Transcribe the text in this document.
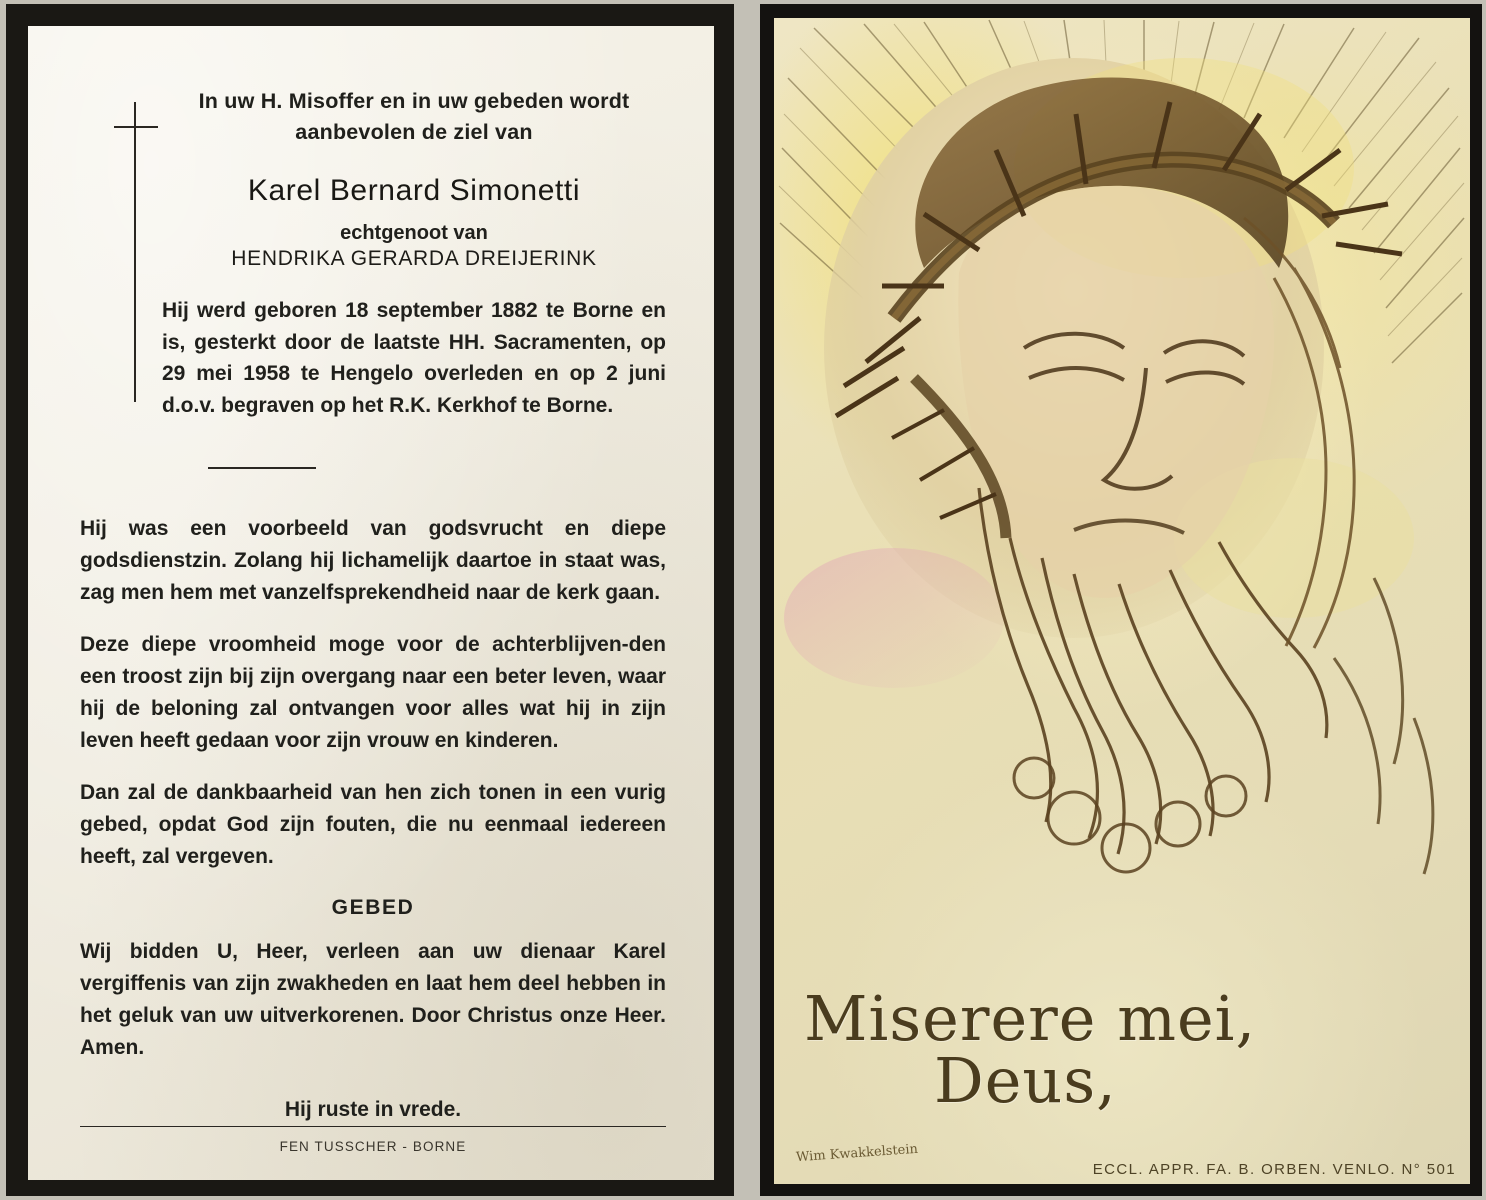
In uw H. Misoffer en in uw gebeden wordt aanbevolen de ziel van

Karel Bernard Simonetti

echtgenoot van

HENDRIKA GERARDA DREIJERINK

Hij werd geboren 18 september 1882 te Borne en is, gesterkt door de laatste HH. Sacramenten, op 29 mei 1958 te Hengelo overleden en op 2 juni d.o.v. begraven op het R.K. Kerkhof te Borne.

Hij was een voorbeeld van godsvrucht en diepe godsdienstzin. Zolang hij lichamelijk daartoe in staat was, zag men hem met vanzelfsprekendheid naar de kerk gaan.

Deze diepe vroomheid moge voor de achterblijven-den een troost zijn bij zijn overgang naar een beter leven, waar hij de beloning zal ontvangen voor alles wat hij in zijn leven heeft gedaan voor zijn vrouw en kinderen.

Dan zal de dankbaarheid van hen zich tonen in een vurig gebed, opdat God zijn fouten, die nu eenmaal iedereen heeft, zal vergeven.

GEBED

Wij bidden U, Heer, verleen aan uw dienaar Karel vergiffenis van zijn zwakheden en laat hem deel hebben in het geluk van uw uitverkorenen. Door Christus onze Heer. Amen.

Hij ruste in vrede.

FEN TUSSCHER - BORNE
Miserere mei,
Deus,
Wim Kwakkelstein
ECCL. APPR. FA. B. ORBEN. VENLO. N° 501
